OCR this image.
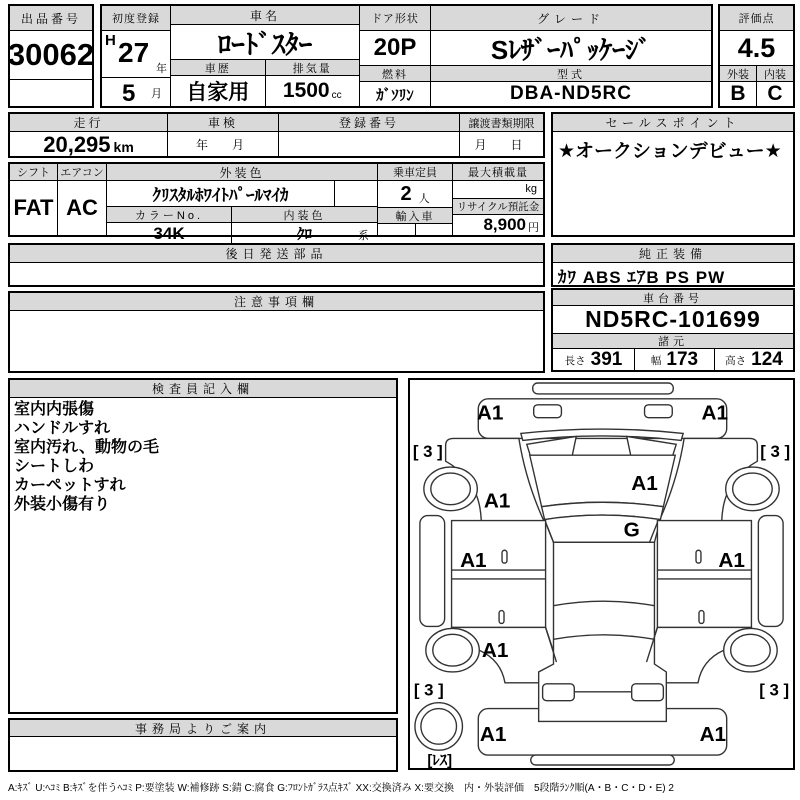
出品番号
30062
初度登録
H 27
年
5 月
車名
ﾛｰﾄﾞｽﾀｰ
車歴
自家用
排気量
1500 cc
ドア形状
20P
燃料
ｶﾞｿﾘﾝ
グレード
Sﾚｻﾞｰﾊﾟｯｹｰｼﾞ
型式
DBA-ND5RC
評価点
4.5
外装
B
内装
C
走行
20,295 km
車検
年　月
登録番号	譲渡書類期限
月　日
セールスポイント
★オークションデビュー★
シフト
FAT
エアコン
AC
外装色
ｸﾘｽﾀﾙﾎﾜｲﾄﾊﾟｰﾙﾏｲｶ
カラーNo.	内装色
34K	ｸﾛ	系
乗車定員
2 人
輸入車
最大積載量
kg
リサイクル預託金
8,900 円
後日発送部品	純正装備
ｶﾜ ABS ｴｱB PS PW
注意事項欄	車台番号
ND5RC-101699
諸元
長さ 391	幅 173	高さ 124
検査員記入欄
室内内張傷
ハンドルすれ
室内汚れ、動物の毛
シートしわ
カーペットすれ
外装小傷有り
事務局よりご案内
A1	A1
[ 3 ]	[ 3 ]
A1
A1
G
A1	A1
A1
[ 3 ]	[ 3 ]
A1	A1
[ﾚｽ]
A:ｷｽﾞ U:ﾍｺﾐ B:ｷｽﾞを伴うﾍｺﾐ P:要塗装 W:補修跡 S:錆 C:腐食 G:ﾌﾛﾝﾄｶﾞﾗｽ点ｷｽﾞ XX:交換済み X:要交換　内・外装評価　5段階ﾗﾝｸ順(A・B・C・D・E) 2
